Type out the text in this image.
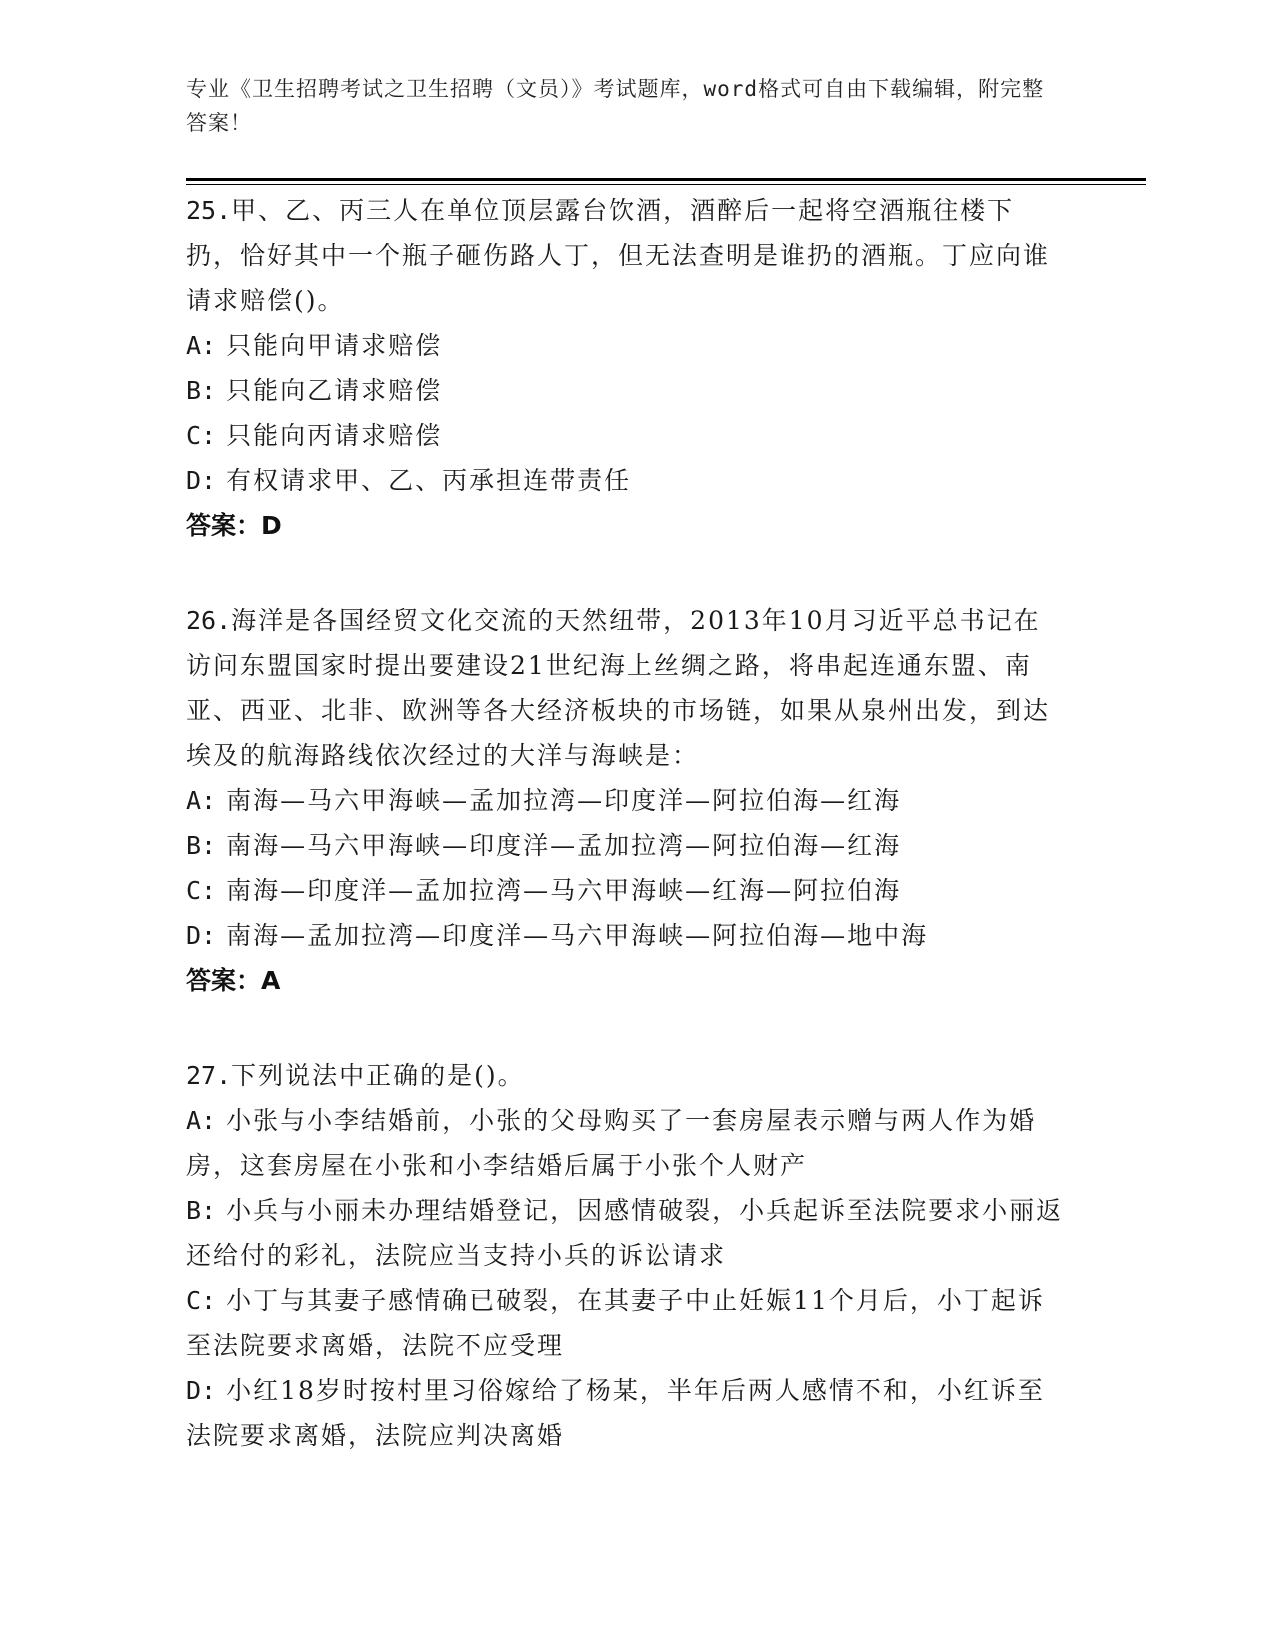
专业《卫生招聘考试之卫生招聘（文员）》考试题库，word格式可自由下载编辑，附完整答案！

25.甲、乙、丙三人在单位顶层露台饮酒，酒醉后一起将空酒瓶往楼下扔，恰好其中一个瓶子砸伤路人丁，但无法查明是谁扔的酒瓶。丁应向谁请求赔偿()。

A: 只能向甲请求赔偿

B: 只能向乙请求赔偿

C: 只能向丙请求赔偿

D: 有权请求甲、乙、丙承担连带责任

答案：D

26.海洋是各国经贸文化交流的天然纽带，2013年10月习近平总书记在访问东盟国家时提出要建设21世纪海上丝绸之路，将串起连通东盟、南亚、西亚、北非、欧洲等各大经济板块的市场链，如果从泉州出发，到达埃及的航海路线依次经过的大洋与海峡是：

A: 南海—马六甲海峡—孟加拉湾—印度洋—阿拉伯海—红海

B: 南海—马六甲海峡—印度洋—孟加拉湾—阿拉伯海—红海

C: 南海—印度洋—孟加拉湾—马六甲海峡—红海—阿拉伯海

D: 南海—孟加拉湾—印度洋—马六甲海峡—阿拉伯海—地中海

答案：A

27.下列说法中正确的是()。

A: 小张与小李结婚前，小张的父母购买了一套房屋表示赠与两人作为婚房，这套房屋在小张和小李结婚后属于小张个人财产

B: 小兵与小丽未办理结婚登记，因感情破裂，小兵起诉至法院要求小丽返还给付的彩礼，法院应当支持小兵的诉讼请求

C: 小丁与其妻子感情确已破裂，在其妻子中止妊娠11个月后，小丁起诉至法院要求离婚，法院不应受理

D: 小红18岁时按村里习俗嫁给了杨某，半年后两人感情不和，小红诉至法院要求离婚，法院应判决离婚
